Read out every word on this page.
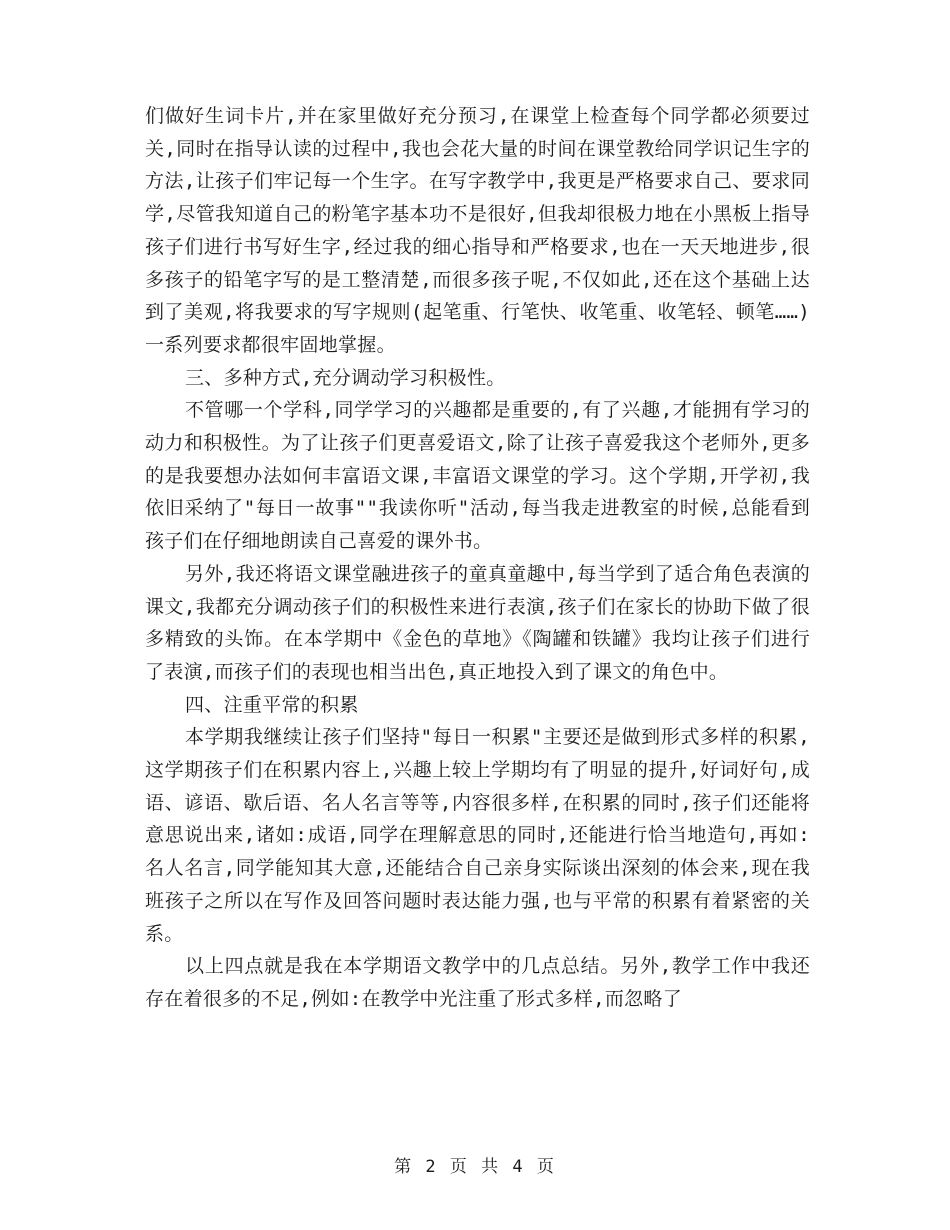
们做好生词卡片,并在家里做好充分预习,在课堂上检查每个同学都必须要过关,同时在指导认读的过程中,我也会花大量的时间在课堂教给同学识记生字的方法,让孩子们牢记每一个生字。在写字教学中,我更是严格要求自己、要求同学,尽管我知道自己的粉笔字基本功不是很好,但我却很极力地在小黑板上指导孩子们进行书写好生字,经过我的细心指导和严格要求,也在一天天地进步,很多孩子的铅笔字写的是工整清楚,而很多孩子呢,不仅如此,还在这个基础上达到了美观,将我要求的写字规则(起笔重、行笔快、收笔重、收笔轻、顿笔……)一系列要求都很牢固地掌握。

三、多种方式,充分调动学习积极性。

不管哪一个学科,同学学习的兴趣都是重要的,有了兴趣,才能拥有学习的动力和积极性。为了让孩子们更喜爱语文,除了让孩子喜爱我这个老师外,更多的是我要想办法如何丰富语文课,丰富语文课堂的学习。这个学期,开学初,我依旧采纳了"每日一故事""我读你听"活动,每当我走进教室的时候,总能看到孩子们在仔细地朗读自己喜爱的课外书。

另外,我还将语文课堂融进孩子的童真童趣中,每当学到了适合角色表演的课文,我都充分调动孩子们的积极性来进行表演,孩子们在家长的协助下做了很多精致的头饰。在本学期中《金色的草地》《陶罐和铁罐》我均让孩子们进行了表演,而孩子们的表现也相当出色,真正地投入到了课文的角色中。

四、注重平常的积累

本学期我继续让孩子们坚持"每日一积累"主要还是做到形式多样的积累,这学期孩子们在积累内容上,兴趣上较上学期均有了明显的提升,好词好句,成语、谚语、歇后语、名人名言等等,内容很多样,在积累的同时,孩子们还能将意思说出来,诸如:成语,同学在理解意思的同时,还能进行恰当地造句,再如:名人名言,同学能知其大意,还能结合自己亲身实际谈出深刻的体会来,现在我班孩子之所以在写作及回答问题时表达能力强,也与平常的积累有着紧密的关系。

以上四点就是我在本学期语文教学中的几点总结。另外,教学工作中我还存在着很多的不足,例如:在教学中光注重了形式多样,而忽略了

第 2 页 共 4 页
